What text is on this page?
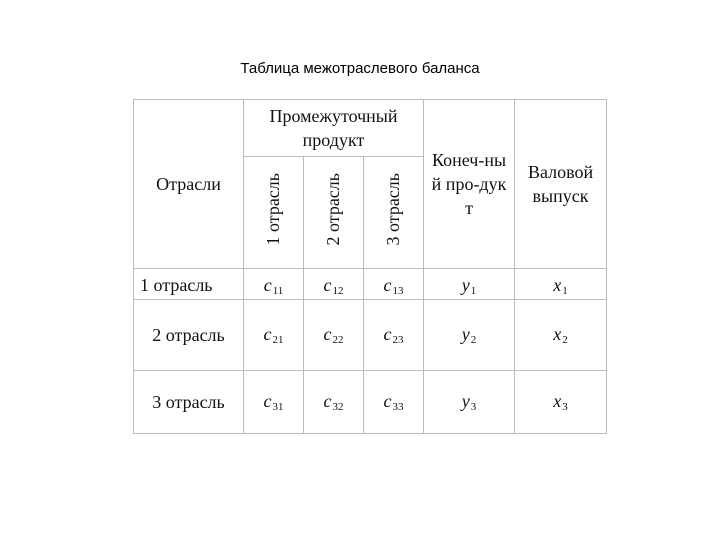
Таблица межотраслевого баланса
Отрасли	Промежуточный продукт			Конеч-ный про-дукт	Валовой выпуск
	1 отрасль	2 отрасль	3 отрасль		
1 отрасль	$c_{11}$	$c_{12}$	$c_{13}$	$y_1$	$x_1$
2 отрасль	$c_{21}$	$c_{22}$	$c_{23}$	$y_2$	$x_2$
3 отрасль	$c_{31}$	$c_{32}$	$c_{33}$	$y_3$	$x_3$
